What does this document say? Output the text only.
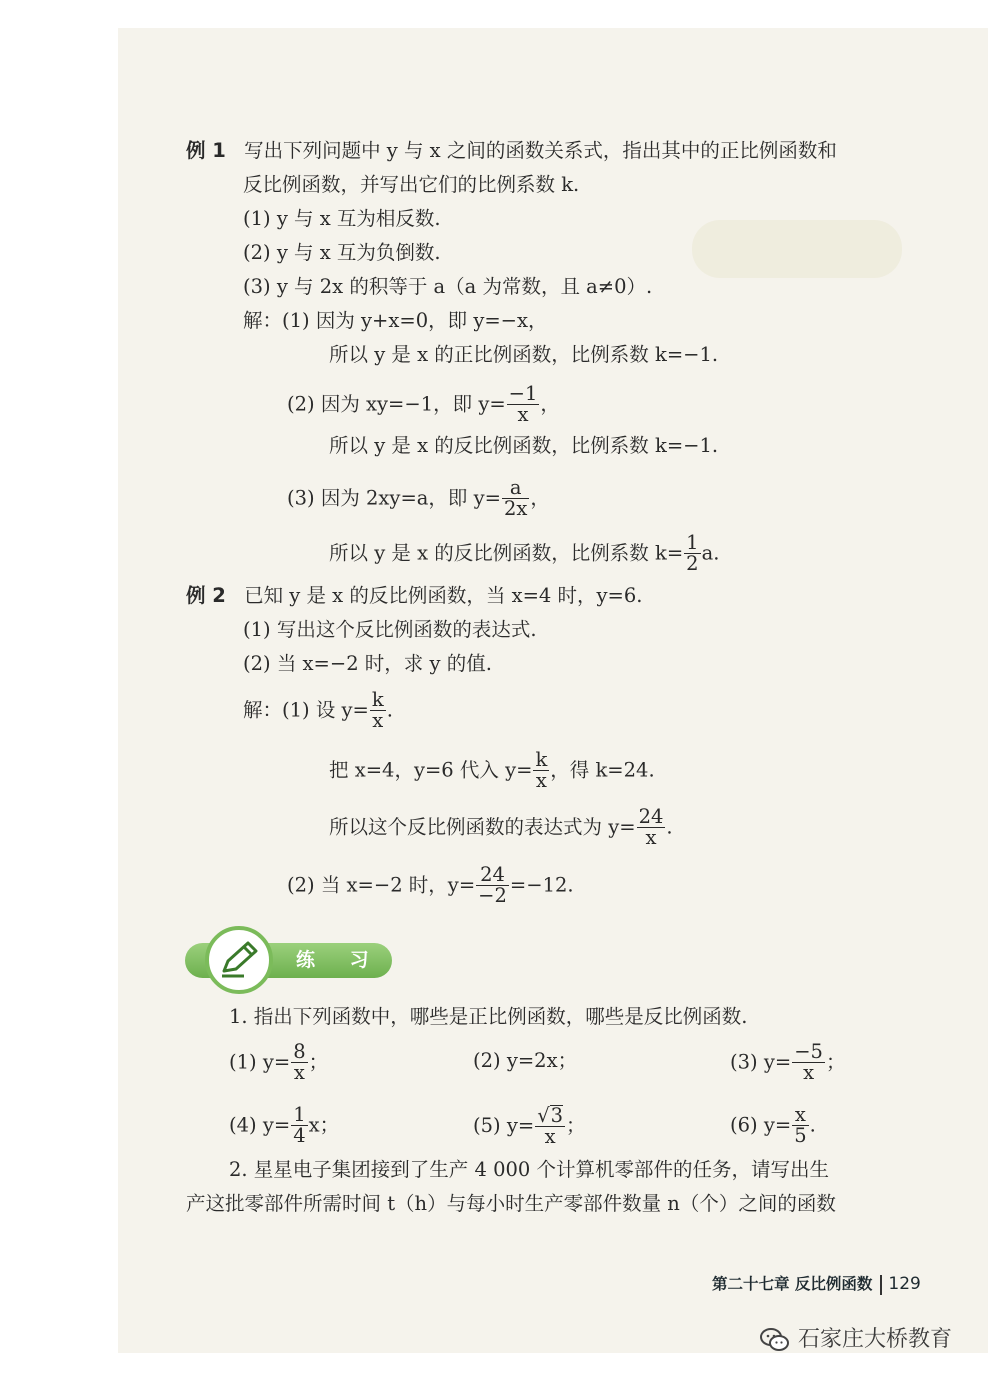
例 1 写出下列问题中 y 与 x 之间的函数关系式，指出其中的正比例函数和
反比例函数，并写出它们的比例系数 k.
(1) y 与 x 互为相反数.
(2) y 与 x 互为负倒数.
(3) y 与 2x 的积等于 a（a 为常数，且 a≠0）.
解：(1) 因为 y+x=0，即 y=−x，
所以 y 是 x 的正比例函数，比例系数 k=−1.
(2) 因为 xy=−1，即 $y= \frac{-1}{x}$ ，
所以 y 是 x 的反比例函数，比例系数 k=−1.
(3) 因为 2xy=a，即 $y= \frac{a}{2x}$ ，
所以 y 是 x 的反比例函数，比例系数 $k= \frac{1}{2} a$.
例 2 已知 y 是 x 的反比例函数，当 x=4 时，y=6.
(1) 写出这个反比例函数的表达式.
(2) 当 x=−2 时，求 y 的值.
解：(1) 设 $y= \frac{k}{x}$ .
把 x=4，y=6 代入 $y= \frac{k}{x}$ ，得 k=24.
所以这个反比例函数的表达式为 $y= \frac{24}{x}$ .
(2) 当 x=−2 时，$y= \frac{24}{-2} =-12$.
练 习
1. 指出下列函数中，哪些是正比例函数，哪些是反比例函数.
(1) $y= \frac{8}{x}$ ；	(2) y=2x；	(3) $y= \frac{-5}{x}$ ；
(4) $y= \frac{1}{4}$ x；	(5) $y= \frac{√3}{x}$ ；	(6) $y= \frac{x}{5}$ .
2. 星星电子集团接到了生产 4 000 个计算机零部件的任务，请写出生
产这批零部件所需时间 t（h）与每小时生产零部件数量 n（个）之间的函数
第二十七章 反比例函数 129
石家庄大桥教育
